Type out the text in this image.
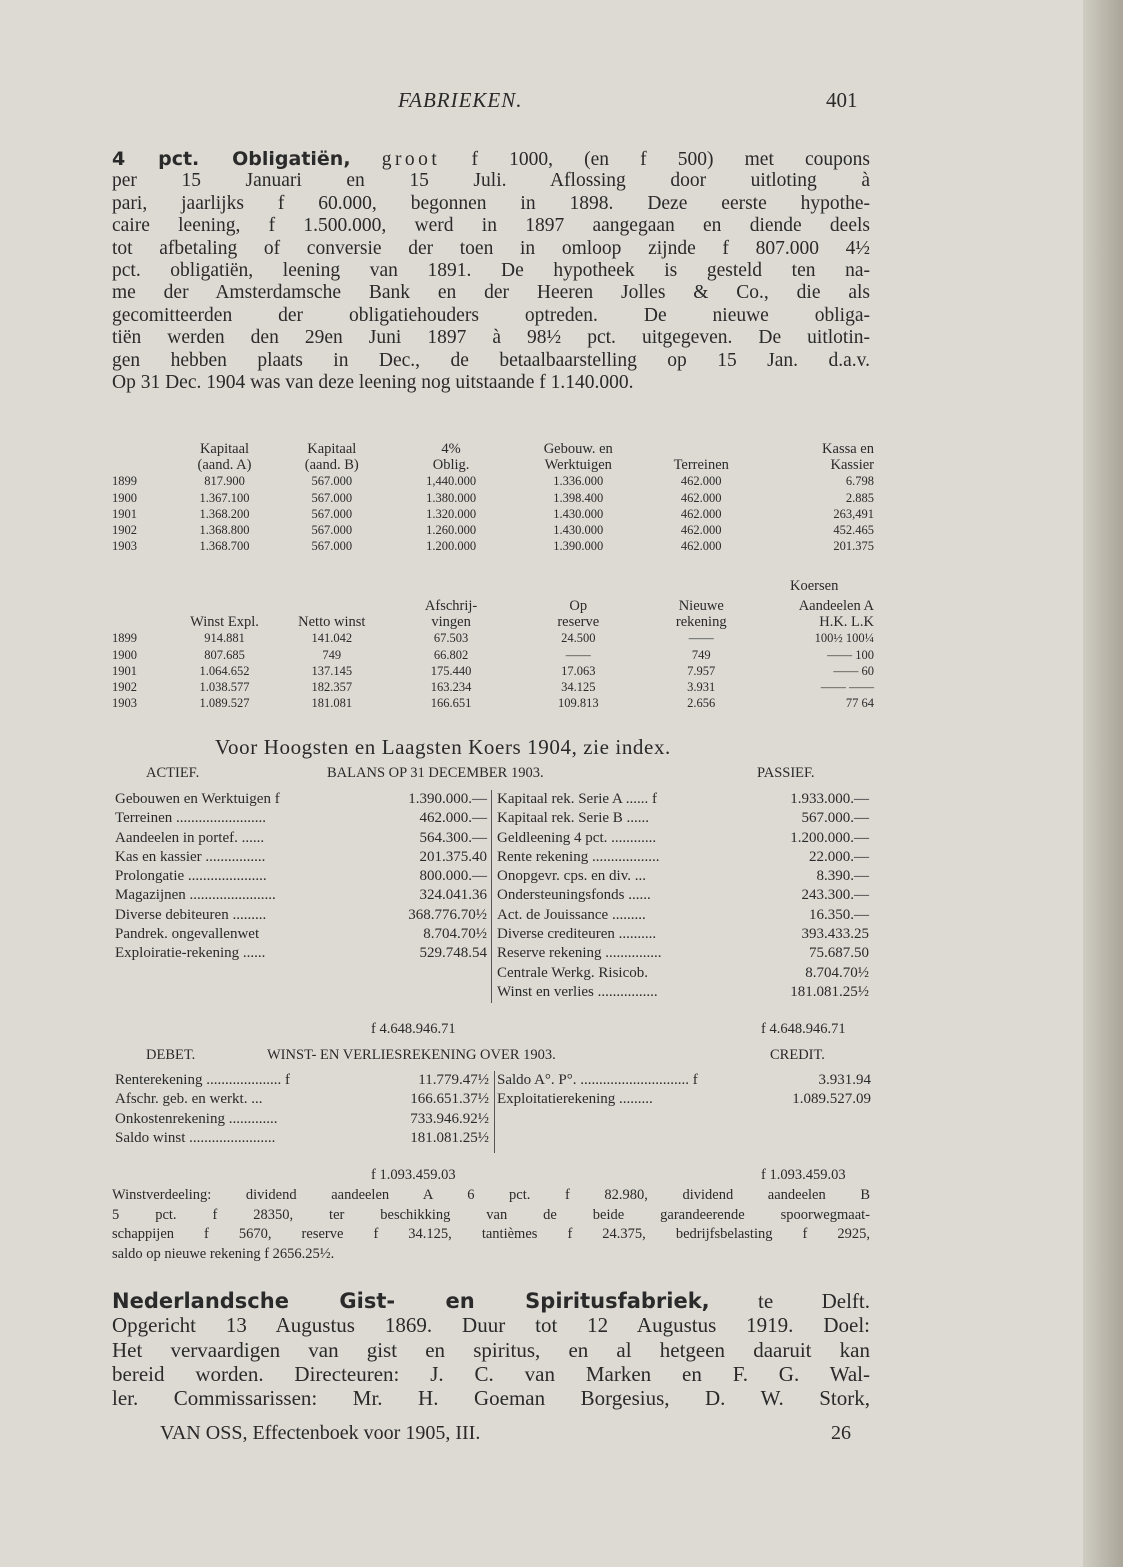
FABRIEKEN.	401
4 pct. Obligatiën, groot f 1000, (en f 500) met coupons
per 15 Januari en 15 Juli. Aflossing door uitloting à
pari, jaarlijks f 60.000, begonnen in 1898. Deze eerste hypothe-
caire leening, f 1.500.000, werd in 1897 aangegaan en diende deels
tot afbetaling of conversie der toen in omloop zijnde f 807.000 4½
pct. obligatiën, leening van 1891. De hypotheek is gesteld ten na-
me der Amsterdamsche Bank en der Heeren Jolles & Co., die als
gecomitteerden der obligatiehouders optreden. De nieuwe obliga-
tiën werden den 29en Juni 1897 à 98½ pct. uitgegeven. De uitlotin-
gen hebben plaats in Dec., de betaalbaarstelling op 15 Jan. d.a.v.
Op 31 Dec. 1904 was van deze leening nog uitstaande f 1.140.000.
	Kapitaal	Kapitaal	4%	Gebouw. en		Kassa en
	(aand. A)	(aand. B)	Oblig.	Werktuigen	Terreinen	Kassier
1899	817.900	567.000	1,440.000	1.336.000	462.000	6.798
1900	1.367.100	567.000	1.380.000	1.398.400	462.000	2.885
1901	1.368.200	567.000	1.320.000	1.430.000	462.000	263,491
1902	1.368.800	567.000	1.260.000	1.430.000	462.000	452.465
1903	1.368.700	567.000	1.200.000	1.390.000	462.000	201.375
Koersen
			Afschrij-	Op	Nieuwe	Aandeelen A
	Winst Expl.	Netto winst	vingen	reserve	rekening	H.K. L.K
1899	914.881	141.042	67.503	24.500	——	100½ 100¼
1900	807.685	749	66.802	——	749	—— 100
1901	1.064.652	137.145	175.440	17.063	7.957	—— 60
1902	1.038.577	182.357	163.234	34.125	3.931	—— ——
1903	1.089.527	181.081	166.651	109.813	2.656	77 64
Voor Hoogsten en Laagsten Koers 1904, zie index.
ACTIEF.	BALANS OP 31 DECEMBER 1903.	PASSIEF.
Gebouwen en Werktuigen f	1.390.000.—
Terreinen ........................	462.000.—
Aandeelen in portef. ......	564.300.—
Kas en kassier ................	201.375.40
Prolongatie .....................	800.000.—
Magazijnen .......................	324.041.36
Diverse debiteuren .........	368.776.70½
Pandrek. ongevallenwet	8.704.70½
Exploiratie-rekening ......	529.748.54
Kapitaal rek. Serie A ...... f	1.933.000.—
Kapitaal rek. Serie B ......	567.000.—
Geldleening 4 pct. ............	1.200.000.—
Rente rekening ..................	22.000.—
Onopgevr. cps. en div. ...	8.390.—
Ondersteuningsfonds ......	243.300.—
Act. de Jouissance .........	16.350.—
Diverse crediteuren ..........	393.433.25
Reserve rekening ...............	75.687.50
Centrale Werkg. Risicob.	8.704.70½
Winst en verlies ................	181.081.25½
f 4.648.946.71	f 4.648.946.71
DEBET.	WINST- EN VERLIESREKENING OVER 1903.	CREDIT.
Renterekening .................... f	11.779.47½
Afschr. geb. en werkt. ...	166.651.37½
Onkostenrekening .............	733.946.92½
Saldo winst .......................	181.081.25½
Saldo A°. P°. ............................. f	3.931.94
Exploitatierekening .........	1.089.527.09
f 1.093.459.03	f 1.093.459.03
Winstverdeeling: dividend aandeelen A 6 pct. f 82.980, dividend aandeelen B
5 pct. f 28350, ter beschikking van de beide garandeerende spoorwegmaat-
schappijen f 5670, reserve f 34.125, tantièmes f 24.375, bedrijfsbelasting f 2925,
saldo op nieuwe rekening f 2656.25½.
Nederlandsche Gist- en Spiritusfabriek, te Delft.
Opgericht 13 Augustus 1869. Duur tot 12 Augustus 1919. Doel:
Het vervaardigen van gist en spiritus, en al hetgeen daaruit kan
bereid worden. Directeuren: J. C. van Marken en F. G. Wal-
ler. Commissarissen: Mr. H. Goeman Borgesius, D. W. Stork,
VAN OSS, Effectenboek voor 1905, III.	26
